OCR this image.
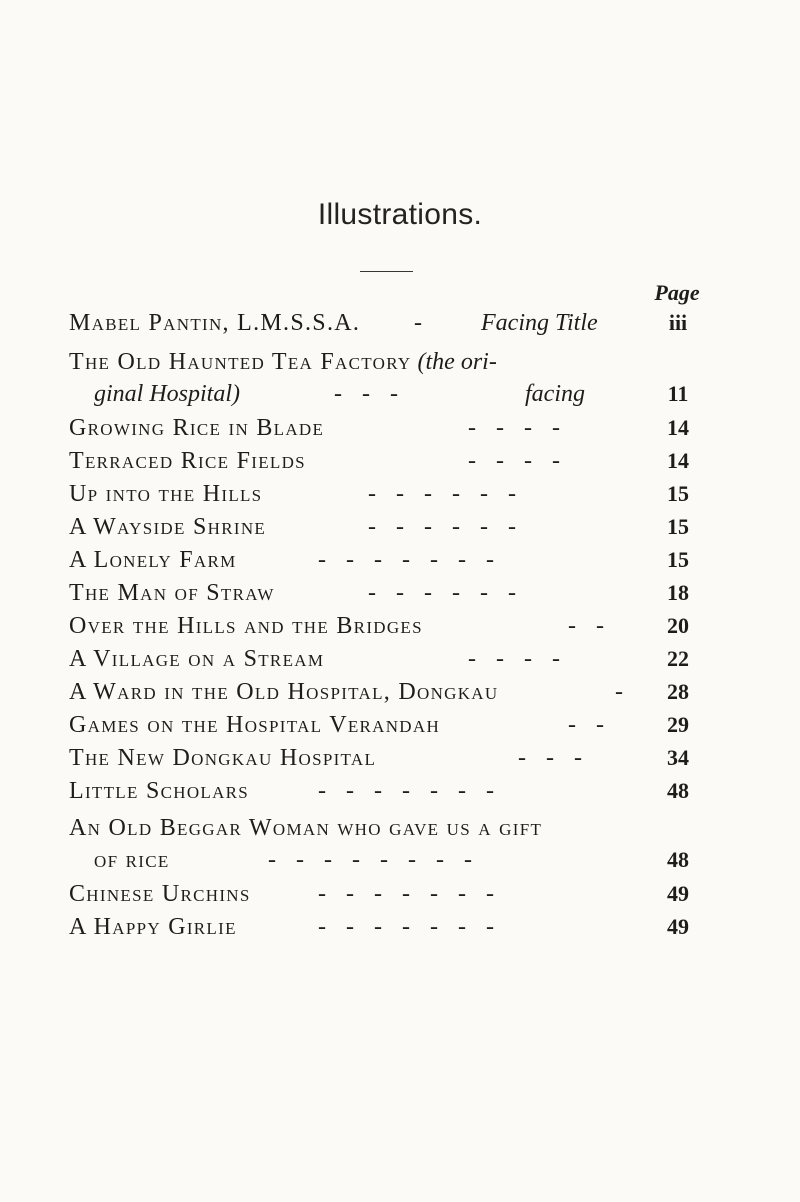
Illustrations.
Page
Mabel Pantin, L.M.S.S.A. - Facing Title	iii
The Old Haunted Tea Factory (the ori-
ginal Hospital)	- - -	facing	11
Growing Rice in Blade	- - - -	14
Terraced Rice Fields	- - - -	14
Up into the Hills	- - - - - -	15
A Wayside Shrine	- - - - - -	15
A Lonely Farm	- - - - - - -	15
The Man of Straw	- - - - - -	18
Over the Hills and the Bridges	- -	20
A Village on a Stream	- - - -	22
A Ward in the Old Hospital, Dongkau	-	28
Games on the Hospital Verandah	- -	29
The New Dongkau Hospital	- - -	34
Little Scholars	- - - - - - -	48
An Old Beggar Woman who gave us a gift
of rice	- - - - - - - -	48
Chinese Urchins	- - - - - - -	49
A Happy Girlie	- - - - - - -	49
